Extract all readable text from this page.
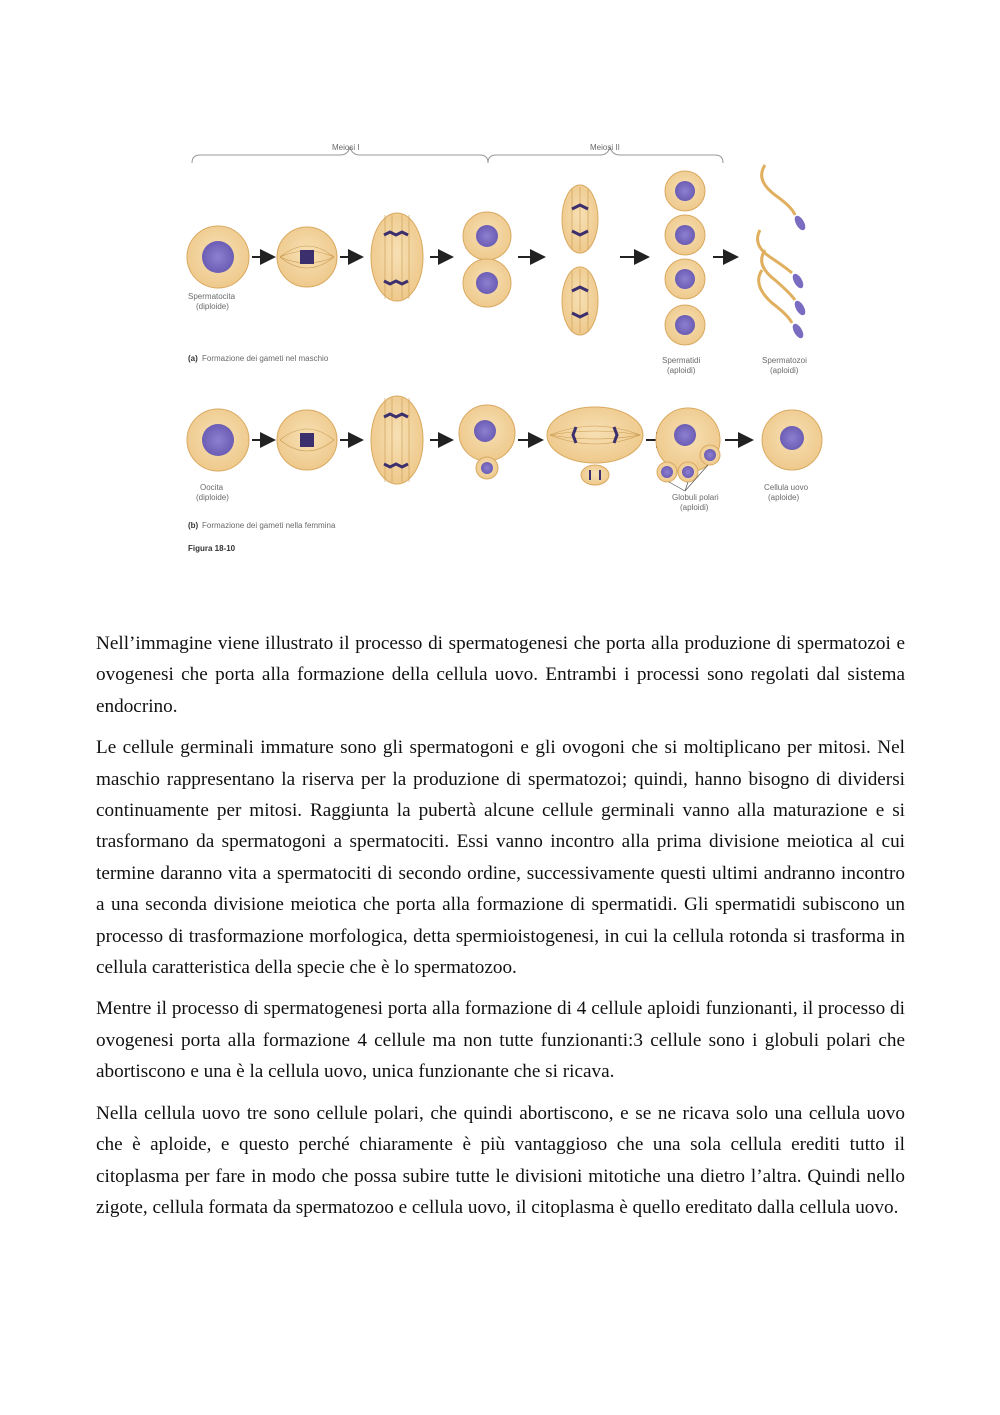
Meiosi I	Meiosi II
Spermatocita
(diploide)
(a) Formazione dei gameti nel maschio	Spermatidi
(aploidi)
Spermatozoi
(aploidi)
Oocita
(diploide)	Globuli polari
(aploidi)
Cellula uovo
(aploide)
(b) Formazione dei gameti nella femmina
Figura 18-10

Nell’immagine viene illustrato il processo di spermatogenesi che porta alla produzione di spermatozoi e ovogenesi che porta alla formazione della cellula uovo. Entrambi i processi sono regolati dal sistema endocrino.

Le cellule germinali immature sono gli spermatogoni e gli ovogoni che si moltiplicano per mitosi. Nel maschio rappresentano la riserva per la produzione di spermatozoi; quindi, hanno bisogno di dividersi continuamente per mitosi. Raggiunta la pubertà alcune cellule germinali vanno alla maturazione e si trasformano da spermatogoni a spermatociti. Essi vanno incontro alla prima divisione meiotica al cui termine daranno vita a spermatociti di secondo ordine, successivamente questi ultimi andranno incontro a una seconda divisione meiotica che porta alla formazione di spermatidi. Gli spermatidi subiscono un processo di trasformazione morfologica, detta spermioistogenesi, in cui la cellula rotonda si trasforma in cellula caratteristica della specie che è lo spermatozoo.

Mentre il processo di spermatogenesi porta alla formazione di 4 cellule aploidi funzionanti, il processo di ovogenesi porta alla formazione 4 cellule ma non tutte funzionanti:3 cellule sono i globuli polari che abortiscono e una è la cellula uovo, unica funzionante che si ricava.

Nella cellula uovo tre sono cellule polari, che quindi abortiscono, e se ne ricava solo una cellula uovo che è aploide, e questo perché chiaramente è più vantaggioso che una sola cellula erediti tutto il citoplasma per fare in modo che possa subire tutte le divisioni mitotiche una dietro l’altra. Quindi nello zigote, cellula formata da spermatozoo e cellula uovo, il citoplasma è quello ereditato dalla cellula uovo.
